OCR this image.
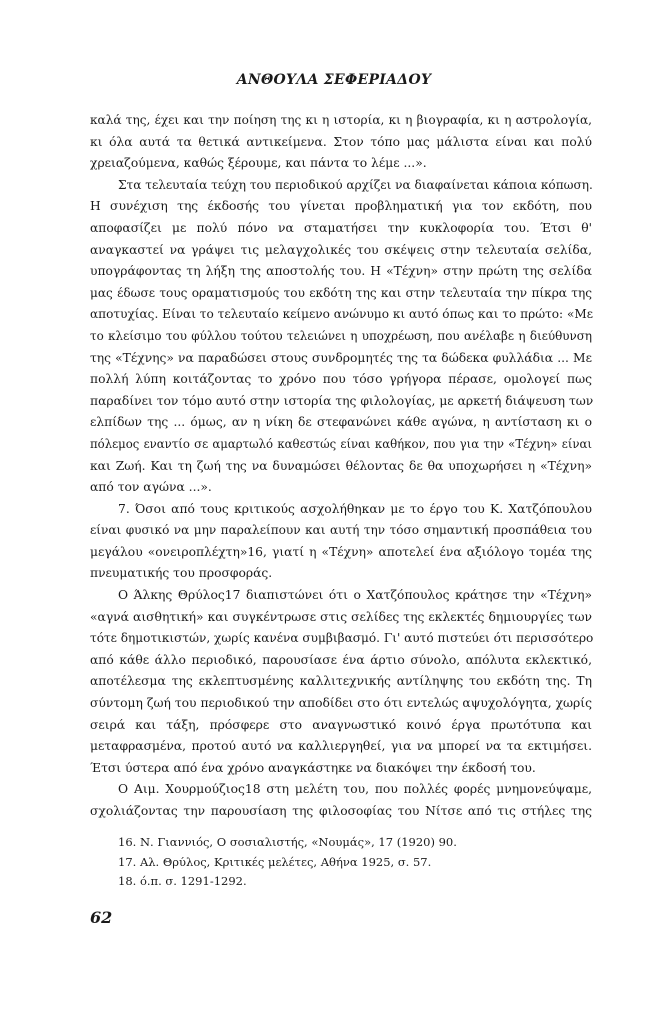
ΑΝΘΟΥΛΑ ΣΕΦΕΡΙΑΔΟΥ
καλά της, έχει και την ποίηση της κι η ιστορία, κι η βιογραφία, κι η αστρολογία,
κι όλα αυτά τα θετικά αντικείμενα. Στον τόπο μας μάλιστα είναι και πολύ
χρειαζούμενα, καθώς ξέρουμε, και πάντα το λέμε ...».
Στα τελευταία τεύχη του περιοδικού αρχίζει να διαφαίνεται κάποια κόπωση.
Η συνέχιση της έκδοσής του γίνεται προβληματική για τον εκδότη, που
αποφασίζει με πολύ πόνο να σταματήσει την κυκλοφορία του. Έτσι θ'
αναγκαστεί να γράψει τις μελαγχολικές του σκέψεις στην τελευταία σελίδα,
υπογράφοντας τη λήξη της αποστολής του. Η «Τέχνη» στην πρώτη της σελίδα
μας έδωσε τους οραματισμούς του εκδότη της και στην τελευταία την πίκρα της
αποτυχίας. Είναι το τελευταίο κείμενο ανώνυμο κι αυτό όπως και το πρώτο: «Με
το κλείσιμο του φύλλου τούτου τελειώνει η υποχρέωση, που ανέλαβε η διεύθυνση
της «Τέχνης» να παραδώσει στους συνδρομητές της τα δώδεκα φυλλάδια ... Με
πολλή λύπη κοιτάζοντας το χρόνο που τόσο γρήγορα πέρασε, ομολογεί πως
παραδίνει τον τόμο αυτό στην ιστορία της φιλολογίας, με αρκετή διάψευση των
ελπίδων της ... όμως, αν η νίκη δε στεφανώνει κάθε αγώνα, η αντίσταση κι ο
πόλεμος εναντίο σε αμαρτωλό καθεστώς είναι καθήκον, που για την «Τέχνη» είναι
και Ζωή. Και τη ζωή της να δυναμώσει θέλοντας δε θα υποχωρήσει η «Τέχνη»
από τον αγώνα ...».
7. Όσοι από τους κριτικούς ασχολήθηκαν με το έργο του Κ. Χατζόπουλου
είναι φυσικό να μην παραλείπουν και αυτή την τόσο σημαντική προσπάθεια του
μεγάλου «ονειροπλέχτη»16, γιατί η «Τέχνη» αποτελεί ένα αξιόλογο τομέα της
πνευματικής του προσφοράς.
Ο Άλκης Θρύλος17 διαπιστώνει ότι ο Χατζόπουλος κράτησε την «Τέχνη»
«αγνά αισθητική» και συγκέντρωσε στις σελίδες της εκλεκτές δημιουργίες των
τότε δημοτικιστών, χωρίς κανένα συμβιβασμό. Γι' αυτό πιστεύει ότι περισσότερο
από κάθε άλλο περιοδικό, παρουσίασε ένα άρτιο σύνολο, απόλυτα εκλεκτικό,
αποτέλεσμα της εκλεπτυσμένης καλλιτεχνικής αντίληψης του εκδότη της. Τη
σύντομη ζωή του περιοδικού την αποδίδει στο ότι εντελώς αψυχολόγητα, χωρίς
σειρά και τάξη, πρόσφερε στο αναγνωστικό κοινό έργα πρωτότυπα και
μεταφρασμένα, προτού αυτό να καλλιεργηθεί, για να μπορεί να τα εκτιμήσει.
Έτσι ύστερα από ένα χρόνο αναγκάστηκε να διακόψει την έκδοσή του.
Ο Αιμ. Χουρμούζιος18 στη μελέτη του, που πολλές φορές μνημονεύψαμε,
σχολιάζοντας την παρουσίαση της φιλοσοφίας του Νίτσε από τις στήλες της
16. Ν. Γιαννιός, Ο σοσιαλιστής, «Νουμάς», 17 (1920) 90.
17. Αλ. Θρύλος, Κριτικές μελέτες, Αθήνα 1925, σ. 57.
18. ό.π. σ. 1291-1292.
62
